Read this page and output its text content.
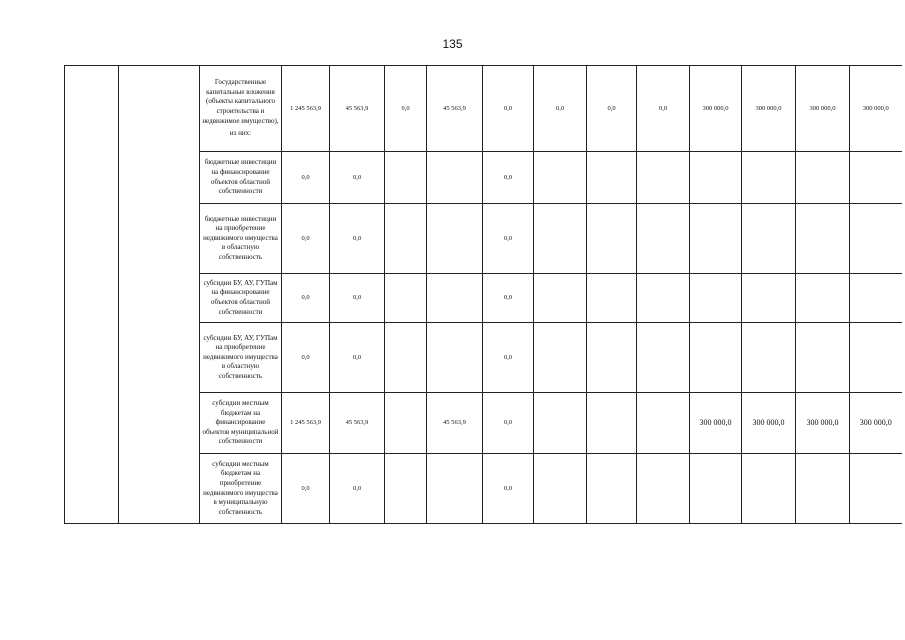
135

		Государственные капитальные вложения (объекты капитального строительства и недвижимое имущество),
из них:	1 245 563,9	45 563,9	0,0	45 563,9	0,0	0,0	0,0	0,0	300 000,0	300 000,0	300 000,0	300 000,0

		бюджетные инвестиции на финансирование объектов областной собственности	0,0	0,0			0,0							

		бюджетные инвестиции на приобретение недвижимого имущества в областную собственность	0,0	0,0			0,0							

		субсидии БУ, АУ, ГУПам на финансирование объектов областной собственности	0,0	0,0			0,0							

		субсидии БУ, АУ, ГУПам на приобретение недвижимого имущества в областную собственность	0,0	0,0			0,0							

		субсидии местным бюджетам на финансирование объектов муниципальной собственности	1 245 563,9	45 563,9		45 563,9	0,0				300 000,0	300 000,0	300 000,0	300 000,0

		субсидии местным бюджетам на приобретение недвижимого имущества в муниципальную собственность	0,0	0,0			0,0							
